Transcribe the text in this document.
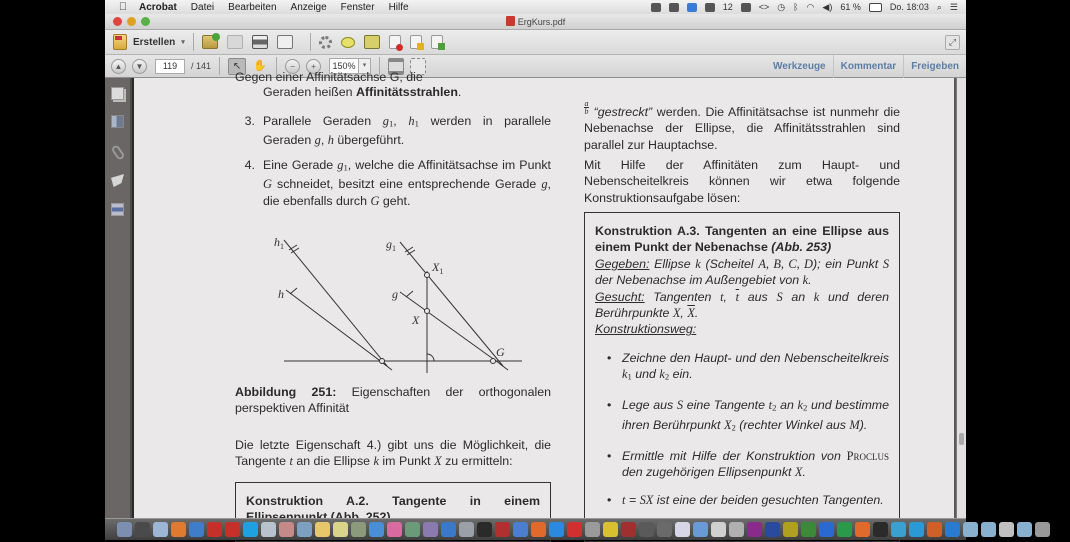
Acrobat Datei Bearbeiten Anzeige Fenster Hilfe	12	<> ◷ ᛒ ◠ ◀) 61 %	Do. 18:03 ⌕ ☰
ErgKurs.pdf
Erstellen ▾	⤢
▲	▼	119	/ 141	↖	✋	−	+	150%	▾	Werkzeuge	Kommentar	Freigeben
Gegen einer Affinitätsachse G, die
Geraden heißen Affinitätsstrahlen.
3. Parallele Geraden $g_1$, $h_1$ werden in parallele Geraden g, h übergeführt.
4. Eine Gerade $g_1$, welche die Affinitätsachse im Punkt G schneidet, besitzt eine entsprechende Gerade g, die ebenfalls durch G geht.
$h_1$
h
$g_1$
g
$X_1$
X
G
Abbildung 251: Eigenschaften der orthogonalen perspektiven Affinität
Die letzte Eigenschaft 4.) gibt uns die Möglichkeit, die Tangente t an die Ellipse k im Punkt X zu ermitteln:
Konstruktion A.2. Tangente in einem
$\frac{a}{b}$ “gestreckt” werden. Die Affinitätsachse ist nunmehr die Nebenachse der Ellipse, die Affinitätsstrahlen sind parallel zur Hauptachse.
Mit Hilfe der Affinitäten zum Haupt- und Nebenscheitelkreis können wir etwa folgende Konstruktionsaufgabe lösen:
Konstruktion A.3. Tangenten an eine Ellipse aus einem Punkt der Nebenachse (Abb. 253)
Gegeben: Ellipse k (Scheitel A, B, C, D); ein Punkt S der Nebenachse im Außengebiet von k.
Gesucht: Tangenten t, $\overline{t}$ aus S an k und deren Berührpunkte X, $\overline{X}$.
Konstruktionsweg:
• Zeichne den Haupt- und den Nebenscheitelkreis $k_1$ und $k_2$ ein.
• Lege aus S eine Tangente $t_2$ an $k_2$ und bestimme ihren Berührpunkt $X_2$ (rechter Winkel aus M).
• Ermittle mit Hilfe der Konstruktion von Proclus den zugehörigen Ellipsenpunkt X.
• t = SX ist eine der beiden gesuchten Tangenten.
